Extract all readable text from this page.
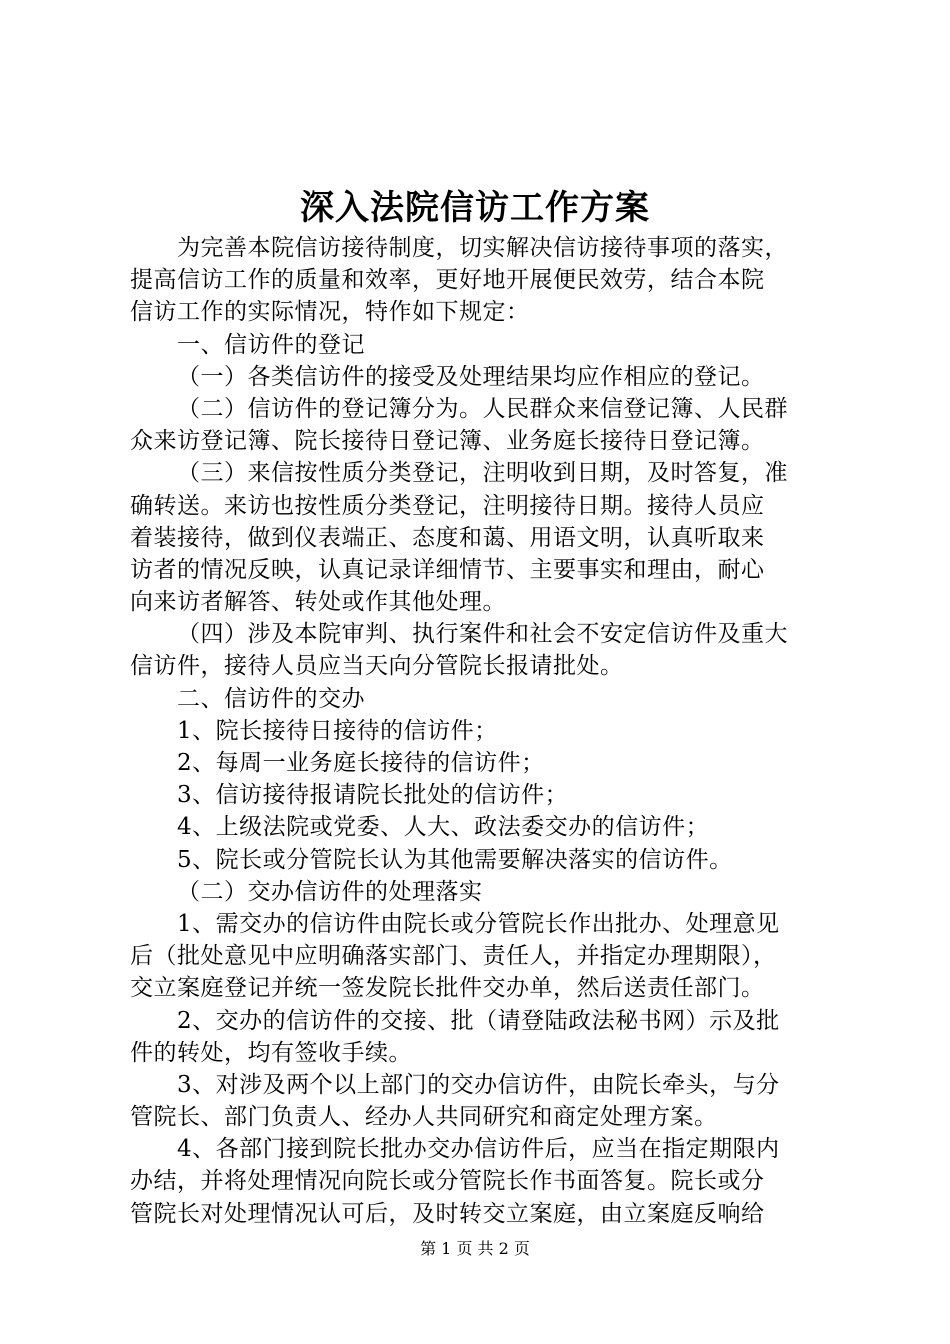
深入法院信访工作方案
为完善本院信访接待制度，切实解决信访接待事项的落实，
提高信访工作的质量和效率，更好地开展便民效劳，结合本院
信访工作的实际情况，特作如下规定：
一、信访件的登记
（一）各类信访件的接受及处理结果均应作相应的登记。
（二）信访件的登记簿分为。人民群众来信登记簿、人民群
众来访登记簿、院长接待日登记簿、业务庭长接待日登记簿。
（三）来信按性质分类登记，注明收到日期，及时答复，准
确转送。来访也按性质分类登记，注明接待日期。接待人员应
着装接待，做到仪表端正、态度和蔼、用语文明，认真听取来
访者的情况反映，认真记录详细情节、主要事实和理由，耐心
向来访者解答、转处或作其他处理。
（四）涉及本院审判、执行案件和社会不安定信访件及重大
信访件，接待人员应当天向分管院长报请批处。
二、信访件的交办
1、院长接待日接待的信访件；
2、每周一业务庭长接待的信访件；
3、信访接待报请院长批处的信访件；
4、上级法院或党委、人大、政法委交办的信访件；
5、院长或分管院长认为其他需要解决落实的信访件。
（二）交办信访件的处理落实
1、需交办的信访件由院长或分管院长作出批办、处理意见
后（批处意见中应明确落实部门、责任人，并指定办理期限），
交立案庭登记并统一签发院长批件交办单，然后送责任部门。
2、交办的信访件的交接、批（请登陆政法秘书网）示及批
件的转处，均有签收手续。
3、对涉及两个以上部门的交办信访件，由院长牵头，与分
管院长、部门负责人、经办人共同研究和商定处理方案。
4、各部门接到院长批办交办信访件后，应当在指定期限内
办结，并将处理情况向院长或分管院长作书面答复。院长或分
管院长对处理情况认可后，及时转交立案庭，由立案庭反响给
第 1 页 共 2 页
